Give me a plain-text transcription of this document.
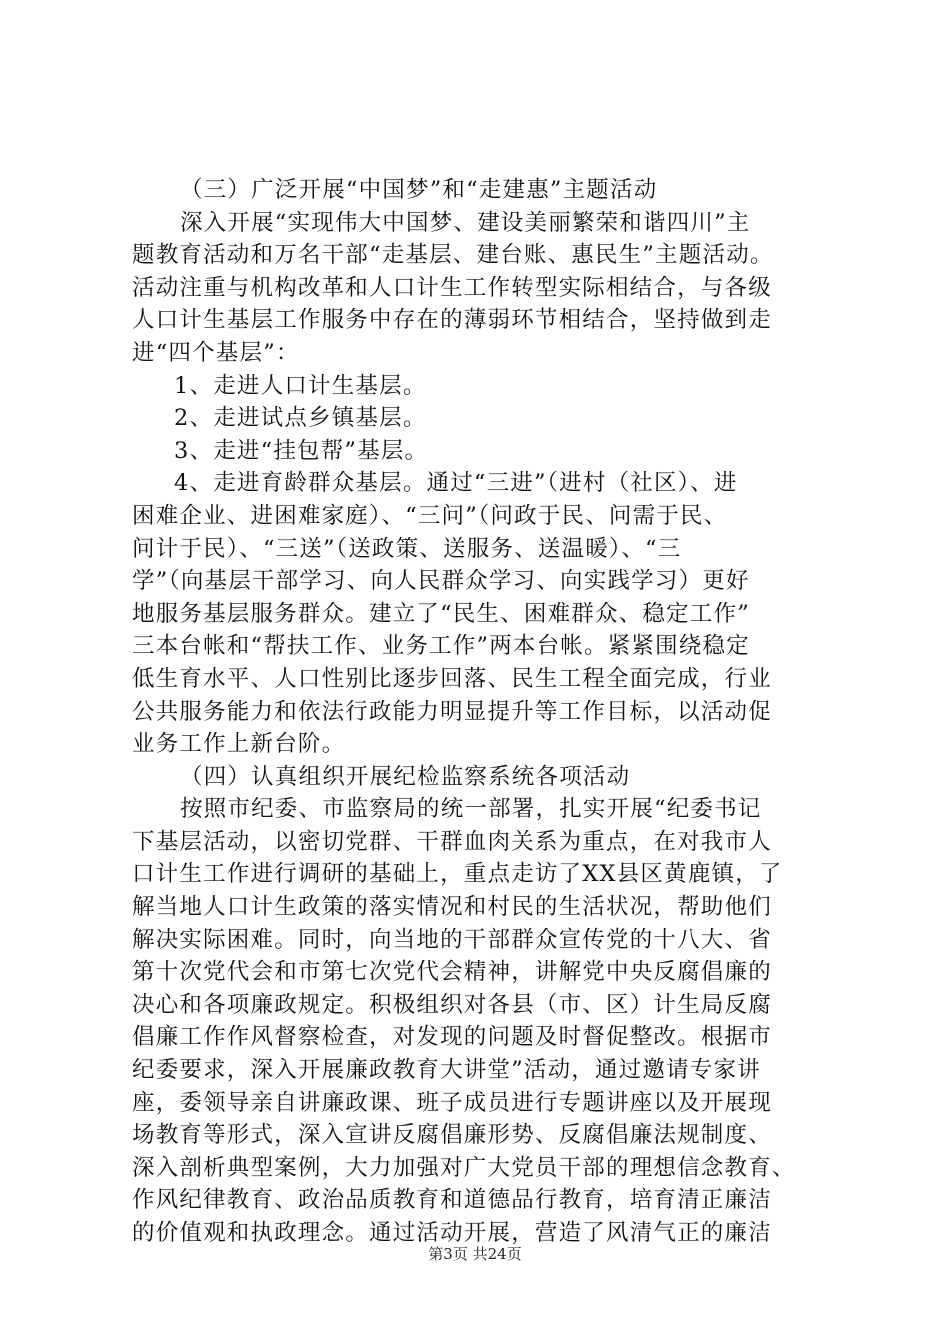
（三）广泛开展“中国梦”和“走建惠”主题活动
深入开展“实现伟大中国梦、建设美丽繁荣和谐四川”主
题教育活动和万名干部“走基层、建台账、惠民生”主题活动。
活动注重与机构改革和人口计生工作转型实际相结合，与各级
人口计生基层工作服务中存在的薄弱环节相结合，坚持做到走
进“四个基层”：
1、走进人口计生基层。
2、走进试点乡镇基层。
3、走进“挂包帮”基层。
4、走进育龄群众基层。通过“三进”（进村（社区）、进
困难企业、进困难家庭）、“三问”（问政于民、问需于民、
问计于民）、“三送”（送政策、送服务、送温暖）、“三
学”（向基层干部学习、向人民群众学习、向实践学习）更好
地服务基层服务群众。建立了“民生、困难群众、稳定工作”
三本台帐和“帮扶工作、业务工作”两本台帐。紧紧围绕稳定
低生育水平、人口性别比逐步回落、民生工程全面完成，行业
公共服务能力和依法行政能力明显提升等工作目标，以活动促
业务工作上新台阶。
（四）认真组织开展纪检监察系统各项活动
按照市纪委、市监察局的统一部署，扎实开展“纪委书记
下基层活动，以密切党群、干群血肉关系为重点，在对我市人
口计生工作进行调研的基础上，重点走访了XX县区黄鹿镇，了
解当地人口计生政策的落实情况和村民的生活状况，帮助他们
解决实际困难。同时，向当地的干部群众宣传党的十八大、省
第十次党代会和市第七次党代会精神，讲解党中央反腐倡廉的
决心和各项廉政规定。积极组织对各县（市、区）计生局反腐
倡廉工作作风督察检查，对发现的问题及时督促整改。根据市
纪委要求，深入开展廉政教育大讲堂”活动，通过邀请专家讲
座，委领导亲自讲廉政课、班子成员进行专题讲座以及开展现
场教育等形式，深入宣讲反腐倡廉形势、反腐倡廉法规制度、
深入剖析典型案例，大力加强对广大党员干部的理想信念教育、
作风纪律教育、政治品质教育和道德品行教育，培育清正廉洁
的价值观和执政理念。通过活动开展，营造了风清气正的廉洁
第3页 共24页
